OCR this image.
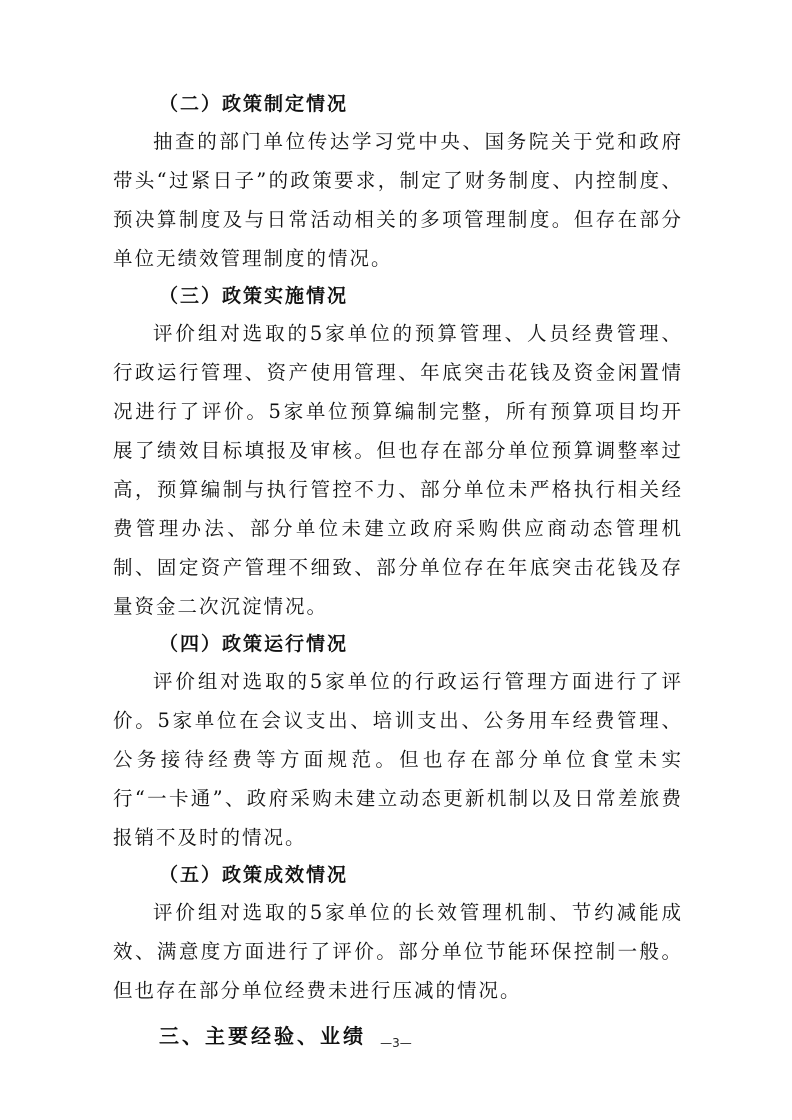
（二）政策制定情况

抽查的部门单位传达学习党中央、国务院关于党和政府带头“过紧日子”的政策要求，制定了财务制度、内控制度、预决算制度及与日常活动相关的多项管理制度。但存在部分单位无绩效管理制度的情况。

（三）政策实施情况

评价组对选取的5家单位的预算管理、人员经费管理、行政运行管理、资产使用管理、年底突击花钱及资金闲置情况进行了评价。5家单位预算编制完整，所有预算项目均开展了绩效目标填报及审核。但也存在部分单位预算调整率过高，预算编制与执行管控不力、部分单位未严格执行相关经费管理办法、部分单位未建立政府采购供应商动态管理机制、固定资产管理不细致、部分单位存在年底突击花钱及存量资金二次沉淀情况。

（四）政策运行情况

评价组对选取的5家单位的行政运行管理方面进行了评价。5家单位在会议支出、培训支出、公务用车经费管理、公务接待经费等方面规范。但也存在部分单位食堂未实行“一卡通”、政府采购未建立动态更新机制以及日常差旅费报销不及时的情况。

（五）政策成效情况

评价组对选取的5家单位的长效管理机制、节约减能成效、满意度方面进行了评价。部分单位节能环保控制一般。但也存在部分单位经费未进行压减的情况。

三、主要经验、业绩	—3—
